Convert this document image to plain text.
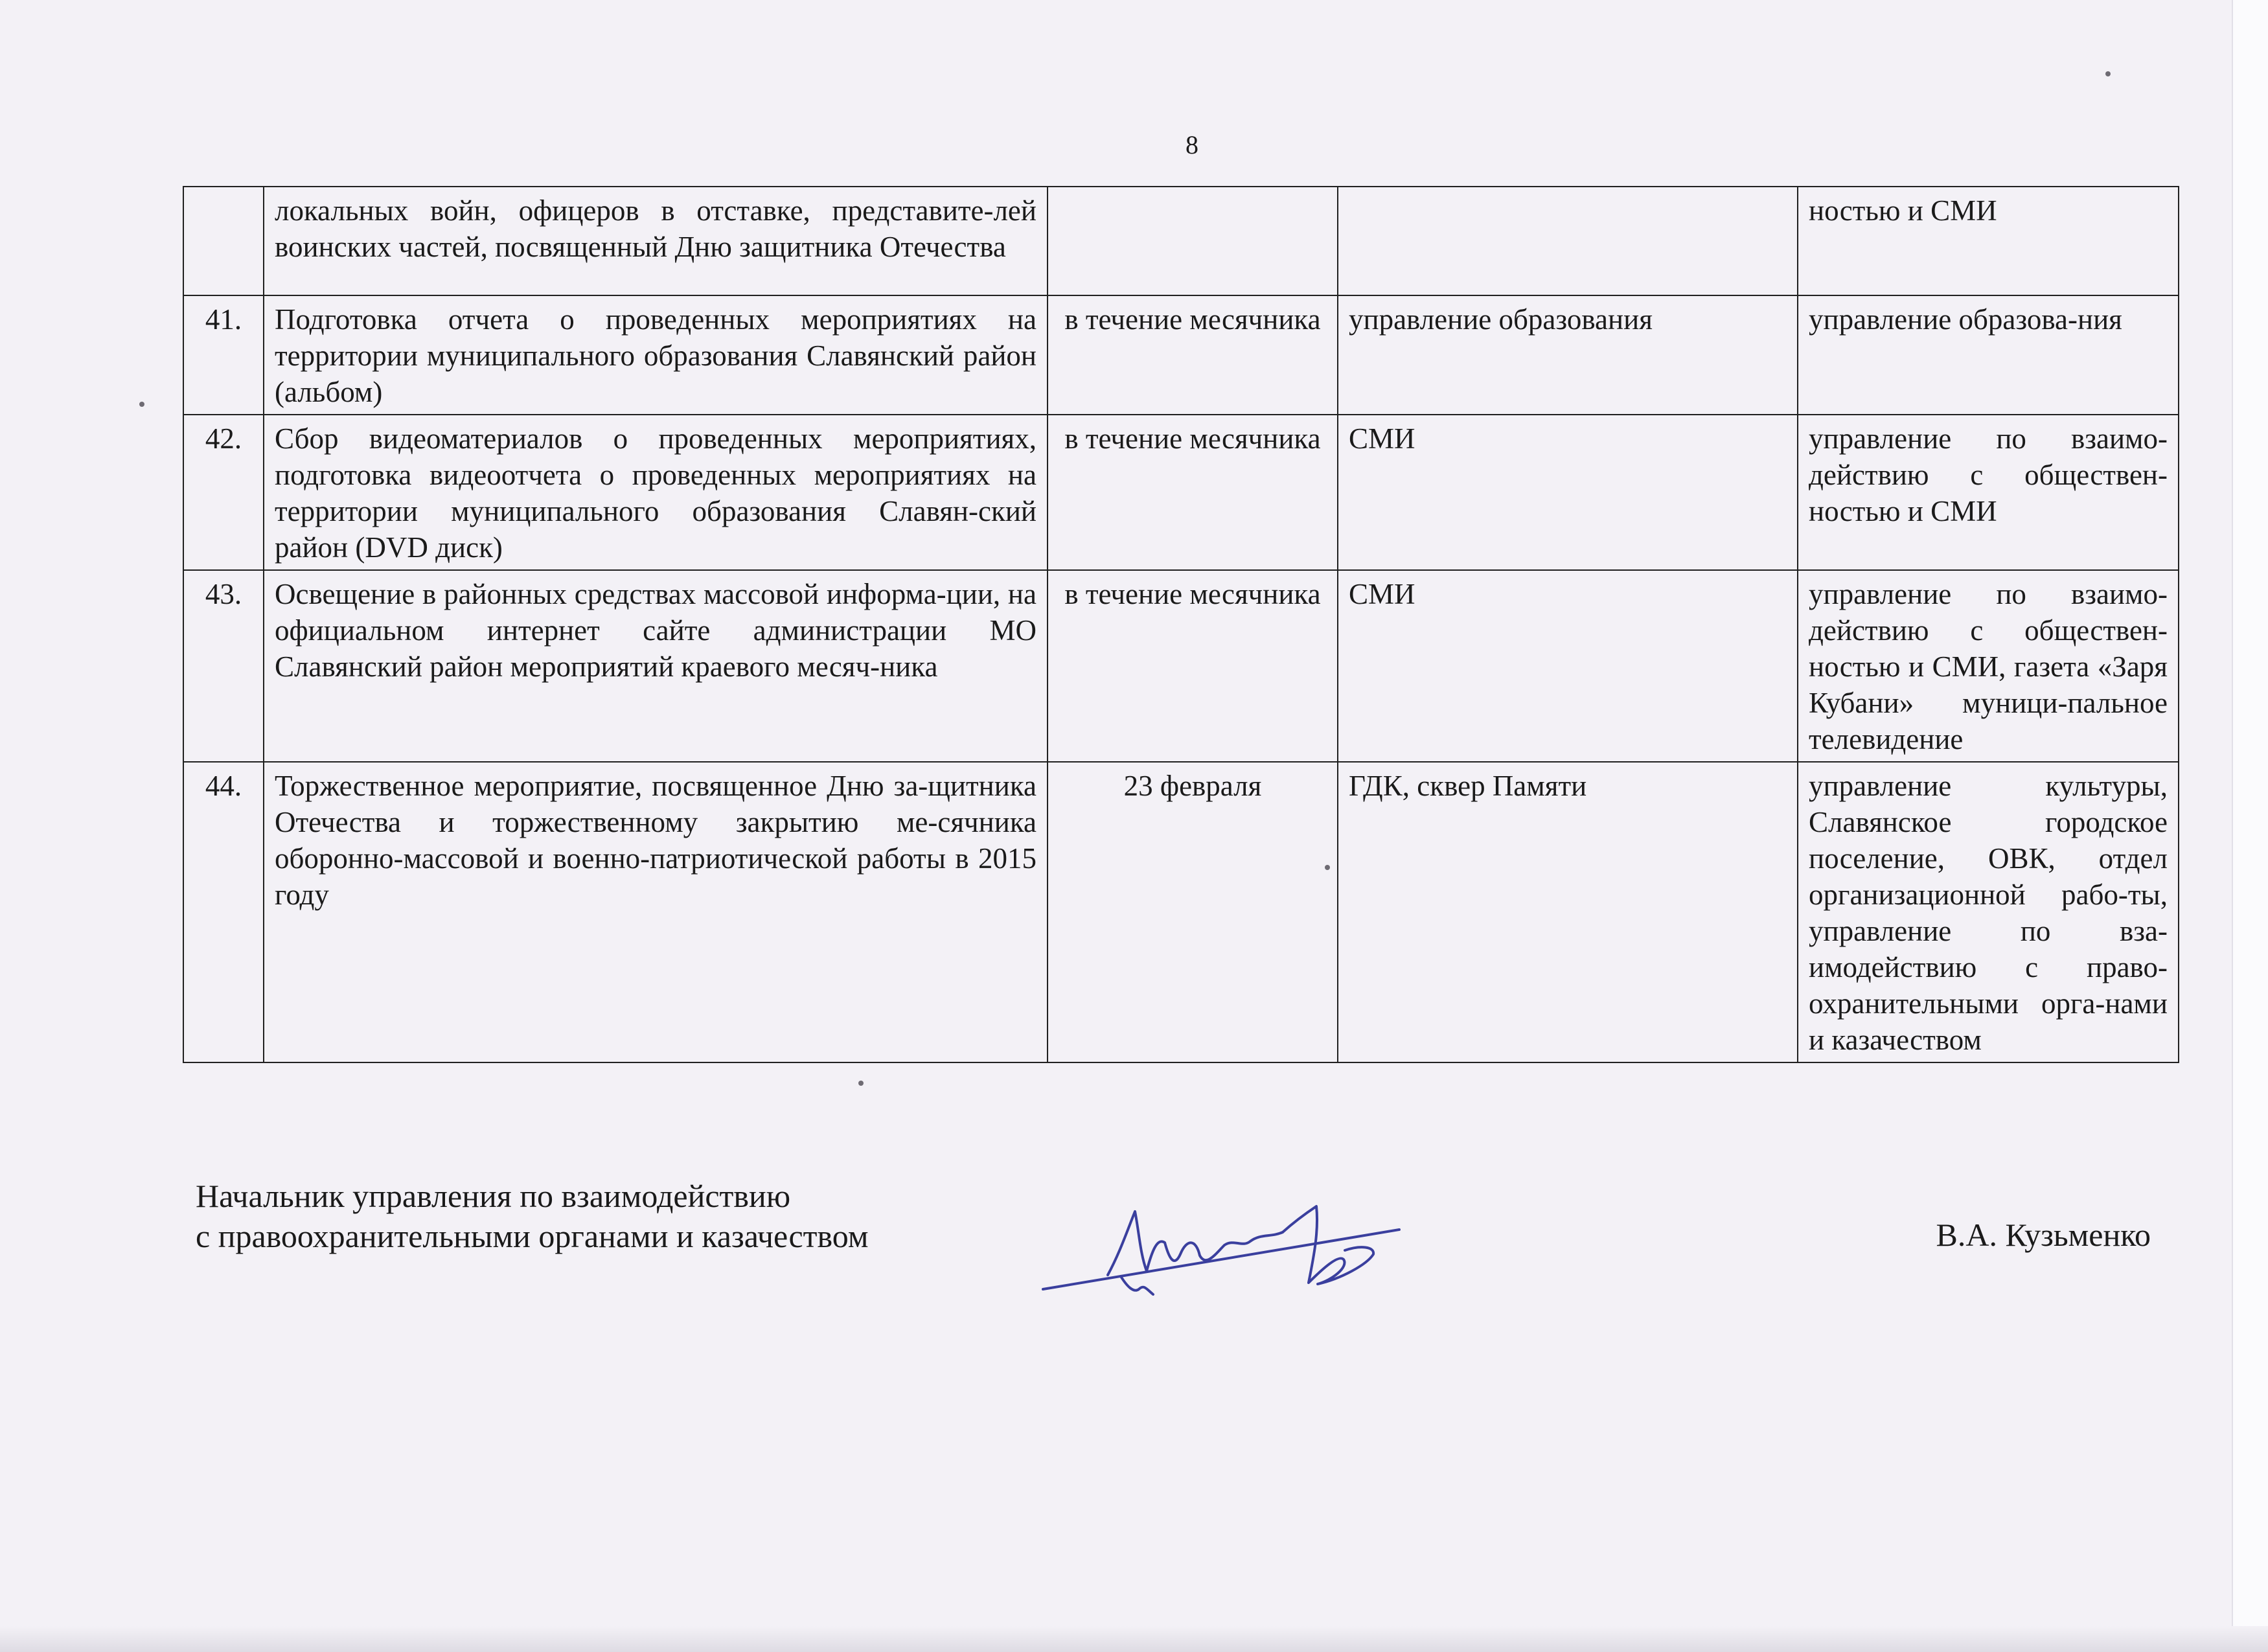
8
	локальных войн, офицеров в отставке, представите-лей воинских частей, посвященный Дню защитника Отечества			ностью и СМИ
41.	Подготовка отчета о проведенных мероприятиях на территории муниципального образования Славянский район (альбом)	в течение месячника	управление образования	управление образова-ния
42.	Сбор видеоматериалов о проведенных мероприятиях, подготовка видеоотчета о проведенных мероприятиях на территории муниципального образования Славян-ский район (DVD диск)	в течение месячника	СМИ	управление по взаимо-действию с обществен-ностью и СМИ
43.	Освещение в районных средствах массовой информа-ции, на официальном интернет сайте администрации МО Славянский район мероприятий краевого месяч-ника	в течение месячника	СМИ	управление по взаимо-действию с обществен-ностью и СМИ, газета «Заря Кубани» муници-пальное телевидение
44.	Торжественное мероприятие, посвященное Дню за-щитника Отечества и торжественному закрытию ме-сячника оборонно-массовой и военно-патриотической работы в 2015 году	23 февраля	ГДК, сквер Памяти	управление культуры, Славянское городское поселение, ОВК, отдел организационной рабо-ты, управление по вза-имодействию с право-охранительными орга-нами и казачеством
Начальник управления по взаимодействию
с правоохранительными органами и казачеством	В.А. Кузьменко
